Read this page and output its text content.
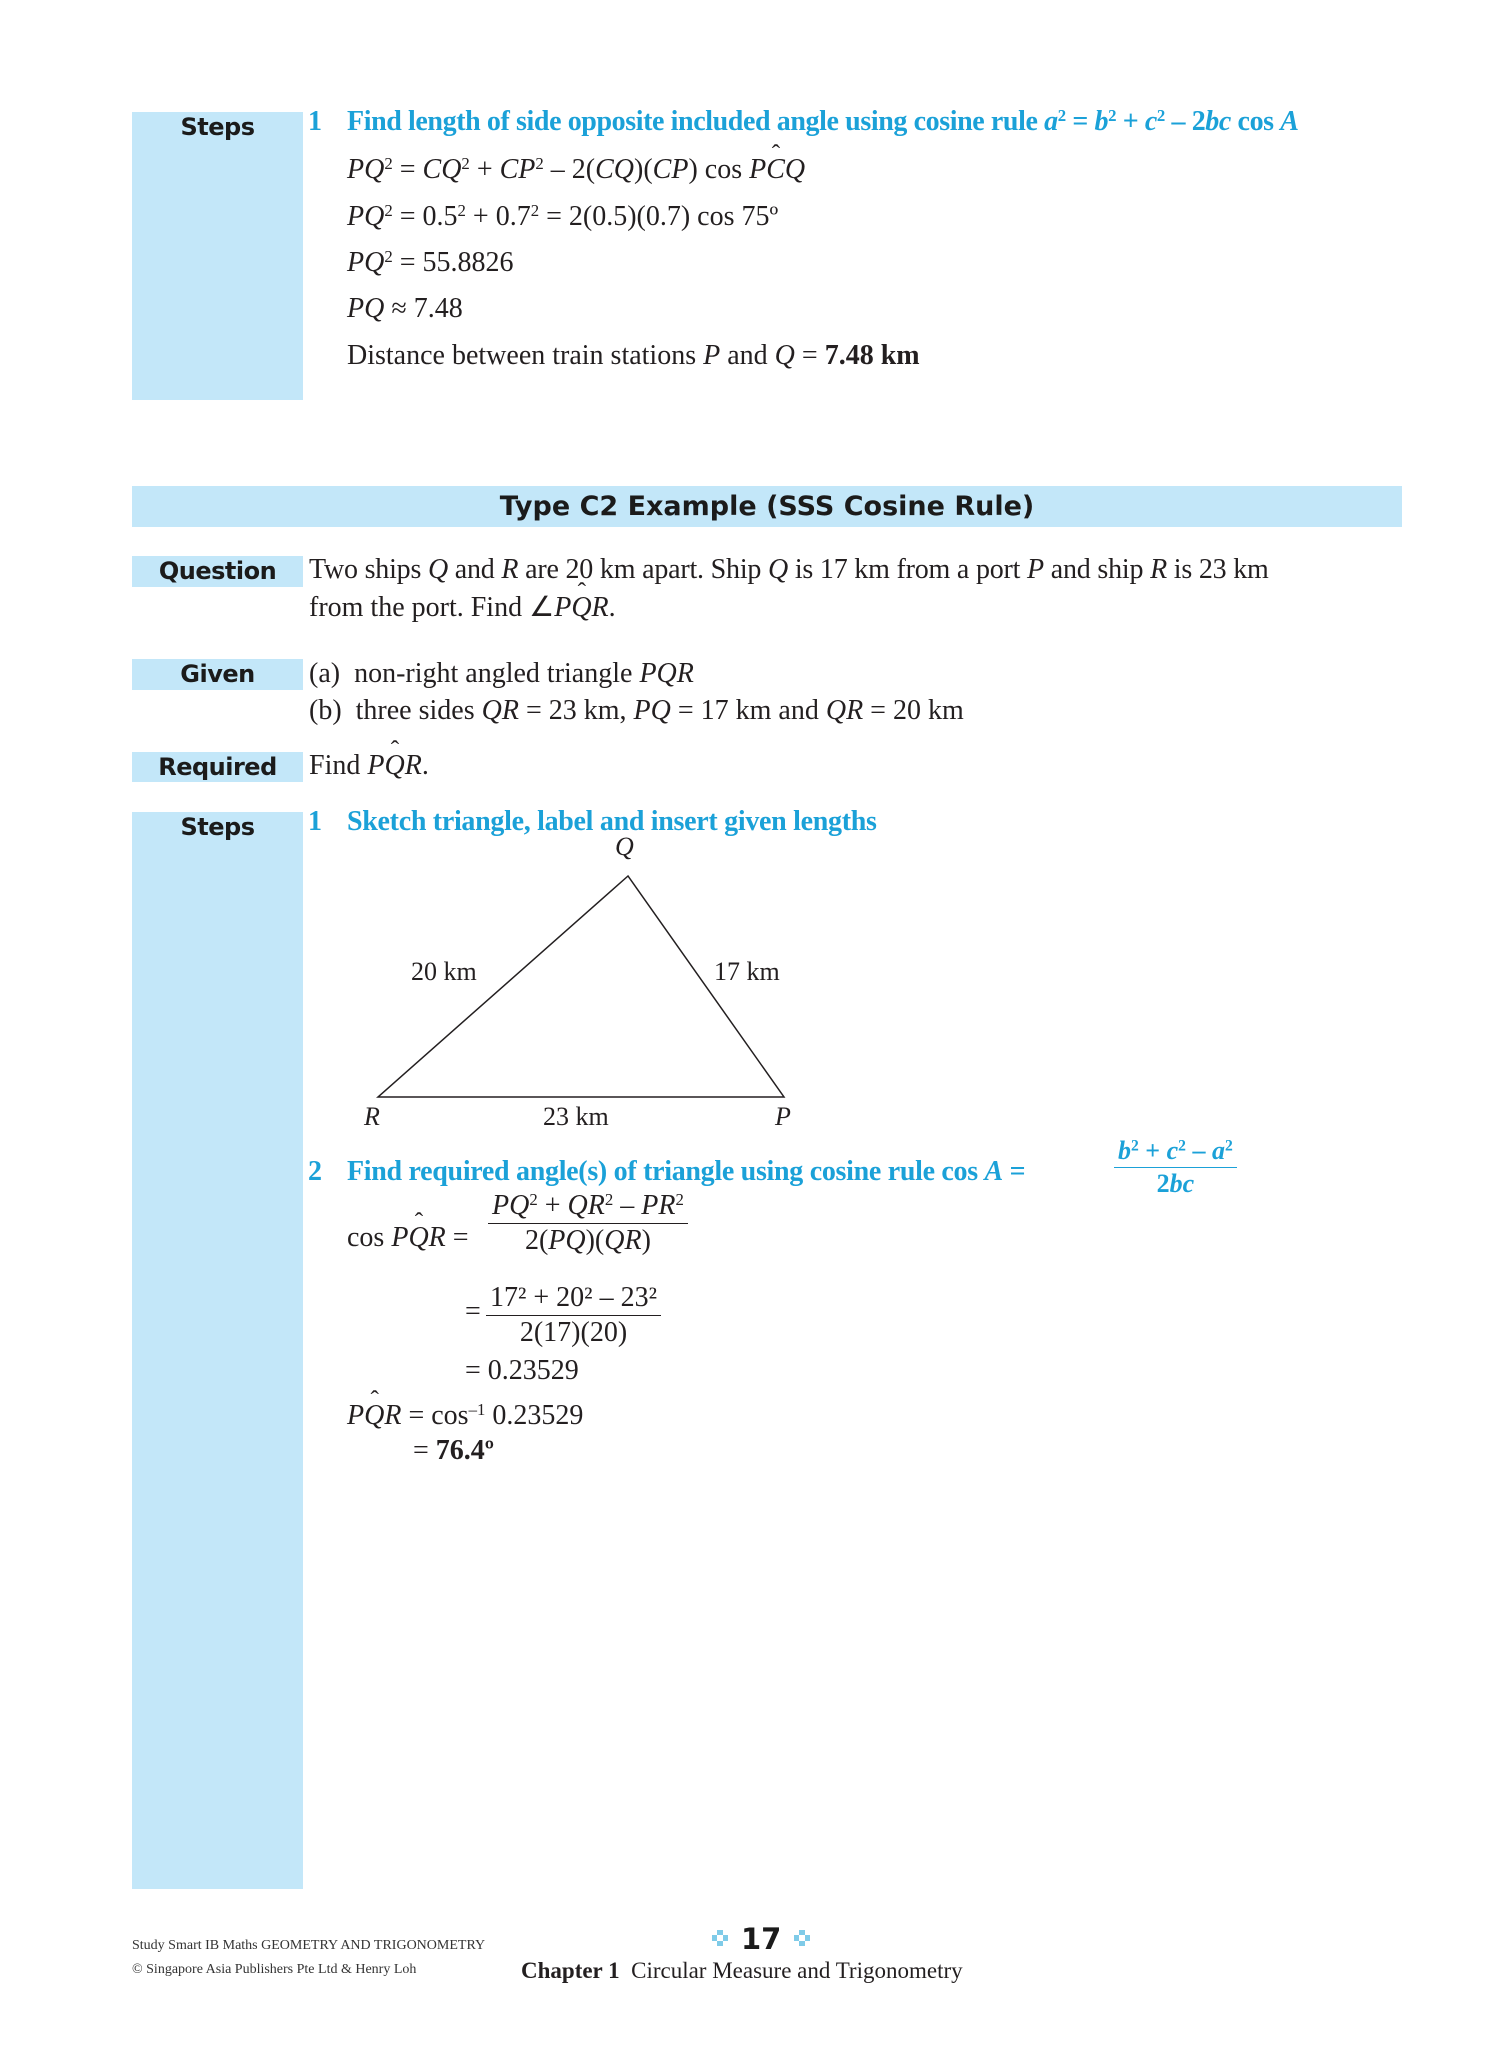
Steps	1 Find length of side opposite included angle using cosine rule $a^2 = b^2 + c^2 - 2bc$ cos A
$PQ^2 = CQ^2 + CP^2 - 2(CQ)(CP)$ cos Pˆ CQ
$PQ^2 = 0.5^2 + 0.7^2 = 2(0.5)(0.7)$ cos 75º
$PQ^2 = 55.8826$
PQ ≈ 7.48
Distance between train stations P and Q = 7.48 km
Type C2 Example (SSS Cosine Rule)
Question	Two ships Q and R are 20 km apart. Ship Q is 17 km from a port P and ship R is 23 km
from the port. Find ∠Pˆ QR.
Given	(a)  non-right angled triangle PQR
(b)  three sides QR = 23 km, PQ = 17 km and QR = 20 km
Required	Find Pˆ QR.
Steps	1 Sketch triangle, label and insert given lengths
Q
R	P
20 km	17 km
23 km
2 Find required angle(s) of triangle using cosine rule cos A =	$\frac{b^2 + c^2 - a^2}{2bc}$
cos Pˆ QR = $\frac{PQ^2 + QR^2 - PR^2}{2(PQ)(QR)}$
= $\frac{\text{17² + 20² – 23²}}{2(17)(20)}$
= 0.23529
Pˆ QR = $\cos^{-1} 0.23529$
= 76.4º
Study Smart IB Maths GEOMETRY AND TRIGONOMETRY
© Singapore Asia Publishers Pte Ltd & Henry Loh
17
Chapter 1 Circular Measure and Trigonometry
